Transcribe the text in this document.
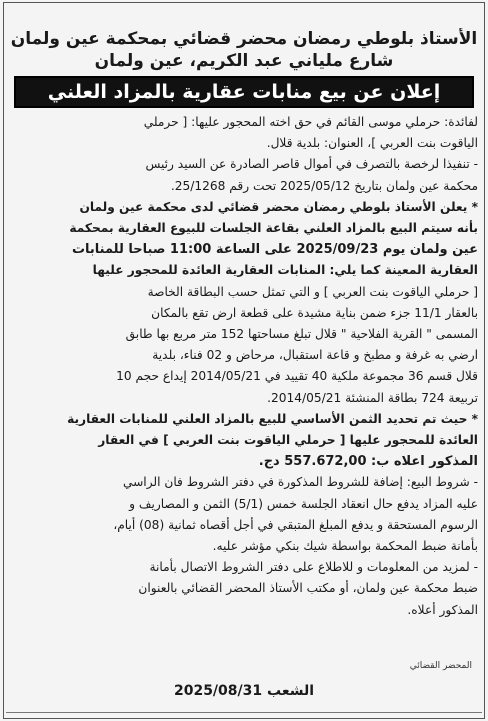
الأستاذ بلوطي رمضان محضر قضائي بمحكمة عين ولمان
شارع ملياني عبد الكريم، عين ولمان
إعلان عن بيع منابات عقارية بالمزاد العلني
لفائدة: حرملي موسى القائم في حق اخته المحجور عليها: [ حرملي
الياقوت بنت العربي ]، العنوان: بلدية قلال.
- تنفيذا لرخصة بالتصرف في أموال قاصر الصادرة عن السيد رئيس
محكمة عين ولمان بتاريخ 2025/05/12 تحت رقم 25/1268.
* يعلن الأستاذ بلوطي رمضان محضر قضائي لدى محكمة عين ولمان
بأنه سيتم البيع بالمزاد العلني بقاعة الجلسات للبيوع العقارية بمحكمة
عين ولمان يوم 2025/09/23 على الساعة 11:00 صباحا للمنابات
العقارية المعينة كما يلي: المنابات العقارية العائدة للمحجور عليها
[ حرملي الياقوت بنت العربي ] و التي تمثل حسب البطاقة الخاصة
بالعقار 11/1 جزء ضمن بناية مشيدة على قطعة ارض تقع بالمكان
المسمى " القرية الفلاحية " قلال تبلغ مساحتها 152 متر مربع بها طابق
ارضي به غرفة و مطبخ و قاعة استقبال، مرحاض و 02 فناء، بلدية
قلال قسم 36 مجموعة ملكية 40 تقييد في 2014/05/21 إيداع حجم 10
تربيعة 724 بطاقة المنشئة 2014/05/21.
* حيث تم تحديد الثمن الأساسي للبيع بالمزاد العلني للمنابات العقارية
العائدة للمحجور عليها [ حرملي الياقوت بنت العربي ] في العقار
المذكور اعلاه ب: 557.672,00 دج.
- شروط البيع: إضافة للشروط المذكورة في دفتر الشروط فان الراسي
عليه المزاد يدفع حال انعقاد الجلسة خمس (5/1) الثمن و المصاريف و
الرسوم المستحقة و يدفع المبلغ المتبقي في أجل أقصاه ثمانية (08) أيام،
بأمانة ضبط المحكمة بواسطة شيك بنكي مؤشر عليه.
- لمزيد من المعلومات و للاطلاع على دفتر الشروط الاتصال بأمانة
ضبط محكمة عين ولمان، أو مكتب الأستاذ المحضر القضائي بالعنوان
المذكور أعلاه.
المحضر القضائي
الشعب 2025/08/31
